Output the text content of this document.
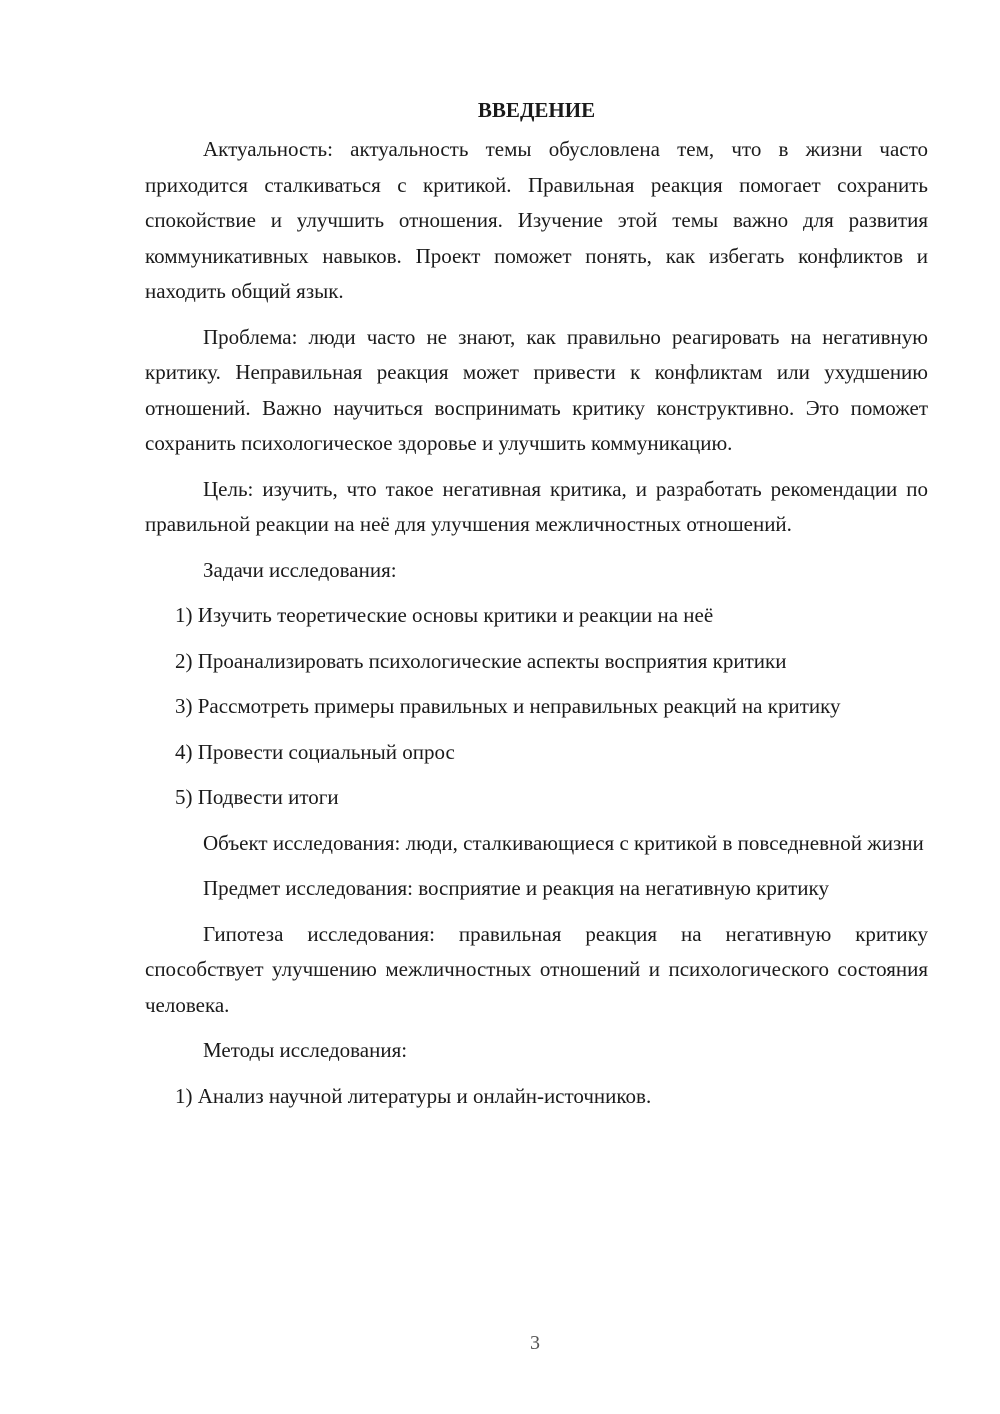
ВВЕДЕНИЕ

Актуальность: актуальность темы обусловлена тем, что в жизни часто приходится сталкиваться с критикой. Правильная реакция помогает сохранить спокойствие и улучшить отношения. Изучение этой темы важно для развития коммуникативных навыков. Проект поможет понять, как избегать конфликтов и находить общий язык.

Проблема: люди часто не знают, как правильно реагировать на негативную критику. Неправильная реакция может привести к конфликтам или ухудшению отношений. Важно научиться воспринимать критику конструктивно. Это поможет сохранить психологическое здоровье и улучшить коммуникацию.

Цель: изучить, что такое негативная критика, и разработать рекомендации по правильной реакции на неё для улучшения межличностных отношений.

Задачи исследования:

1) Изучить теоретические основы критики и реакции на неё

2) Проанализировать психологические аспекты восприятия критики

3) Рассмотреть примеры правильных и неправильных реакций на критику

4) Провести социальный опрос

5) Подвести итоги

Объект исследования: люди, сталкивающиеся с критикой в повседневной жизни

Предмет исследования: восприятие и реакция на негативную критику

Гипотеза исследования: правильная реакция на негативную критику способствует улучшению межличностных отношений и психологического состояния человека.

Методы исследования:

1) Анализ научной литературы и онлайн-источников.

3
